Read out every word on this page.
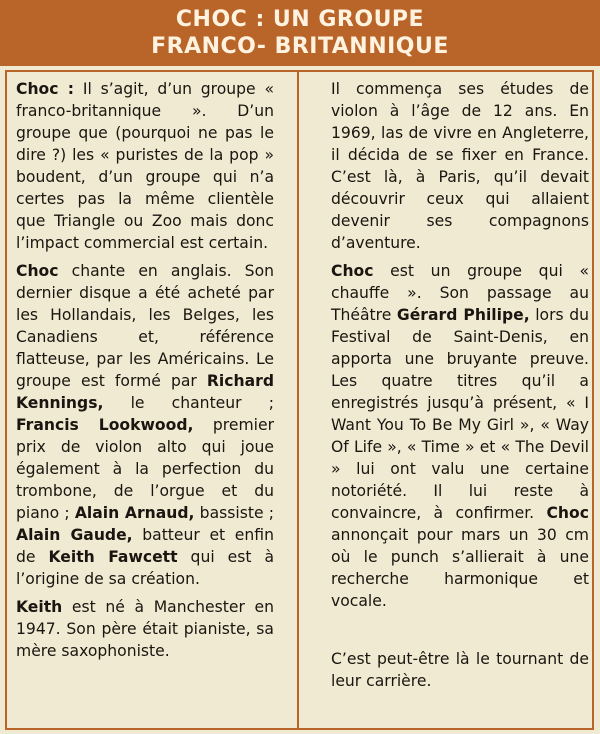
CHOC : UN GROUPE
FRANCO- BRITANNIQUE

Choc : Il s’agit, d’un groupe « franco-britannique ». D’un groupe que (pourquoi ne pas le dire ?) les « puristes de la pop » boudent, d’un groupe qui n’a certes pas la même clientèle que Triangle ou Zoo mais donc l’impact commercial est certain.

Choc chante en anglais. Son dernier disque a été acheté par les Hollandais, les Belges, les Canadiens et, référence flatteuse, par les Américains. Le groupe est formé par Richard Kennings, le chanteur ; Francis Lookwood, premier prix de violon alto qui joue également à la perfection du trombone, de l’orgue et du piano ; Alain Arnaud, bassiste ; Alain Gaude, batteur et enfin de Keith Fawcett qui est à l’origine de sa création.

Keith est né à Manchester en 1947. Son père était pianiste, sa mère saxophoniste.

Il commença ses études de violon à l’âge de 12 ans. En 1969, las de vivre en Angleterre, il décida de se fixer en France. C’est là, à Paris, qu’il devait découvrir ceux qui allaient devenir ses compagnons d’aventure.

Choc est un groupe qui « chauffe ». Son passage au Théâtre Gérard Philipe, lors du Festival de Saint-Denis, en apporta une bruyante preuve. Les quatre titres qu’il a enregistrés jusqu’à présent, « I Want You To Be My Girl », « Way Of Life », « Time » et « The Devil » lui ont valu une certaine notoriété. Il lui reste à convaincre, à confirmer. Choc annonçait pour mars un 30 cm où le punch s’allierait à une recherche harmonique et vocale.

C’est peut-être là le tournant de leur carrière.
